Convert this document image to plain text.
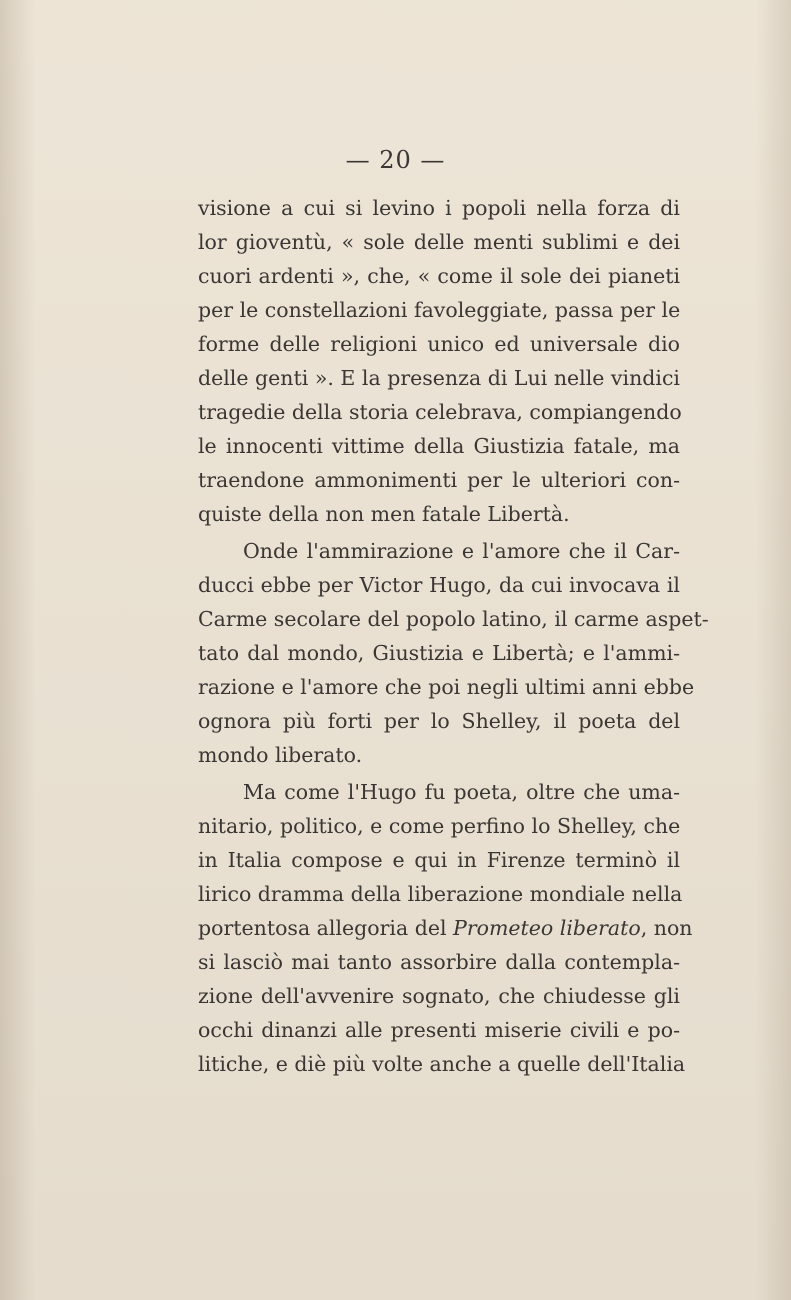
— 20 —
visione a cui si levino i popoli nella forza di
lor gioventù, « sole delle menti sublimi e dei
cuori ardenti », che, « come il sole dei pianeti
per le constellazioni favoleggiate, passa per le
forme delle religioni unico ed universale dio
delle genti ». E la presenza di Lui nelle vindici
tragedie della storia celebrava, compiangendo
le innocenti vittime della Giustizia fatale, ma
traendone ammonimenti per le ulteriori con-
quiste della non men fatale Libertà.
Onde l'ammirazione e l'amore che il Car-
ducci ebbe per Victor Hugo, da cui invocava il
Carme secolare del popolo latino, il carme aspet-
tato dal mondo, Giustizia e Libertà; e l'ammi-
razione e l'amore che poi negli ultimi anni ebbe
ognora più forti per lo Shelley, il poeta del
mondo liberato.
Ma come l'Hugo fu poeta, oltre che uma-
nitario, politico, e come perfino lo Shelley, che
in Italia compose e qui in Firenze terminò il
lirico dramma della liberazione mondiale nella
portentosa allegoria del Prometeo liberato, non
si lasciò mai tanto assorbire dalla contempla-
zione dell'avvenire sognato, che chiudesse gli
occhi dinanzi alle presenti miserie civili e po-
litiche, e diè più volte anche a quelle dell'Italia
